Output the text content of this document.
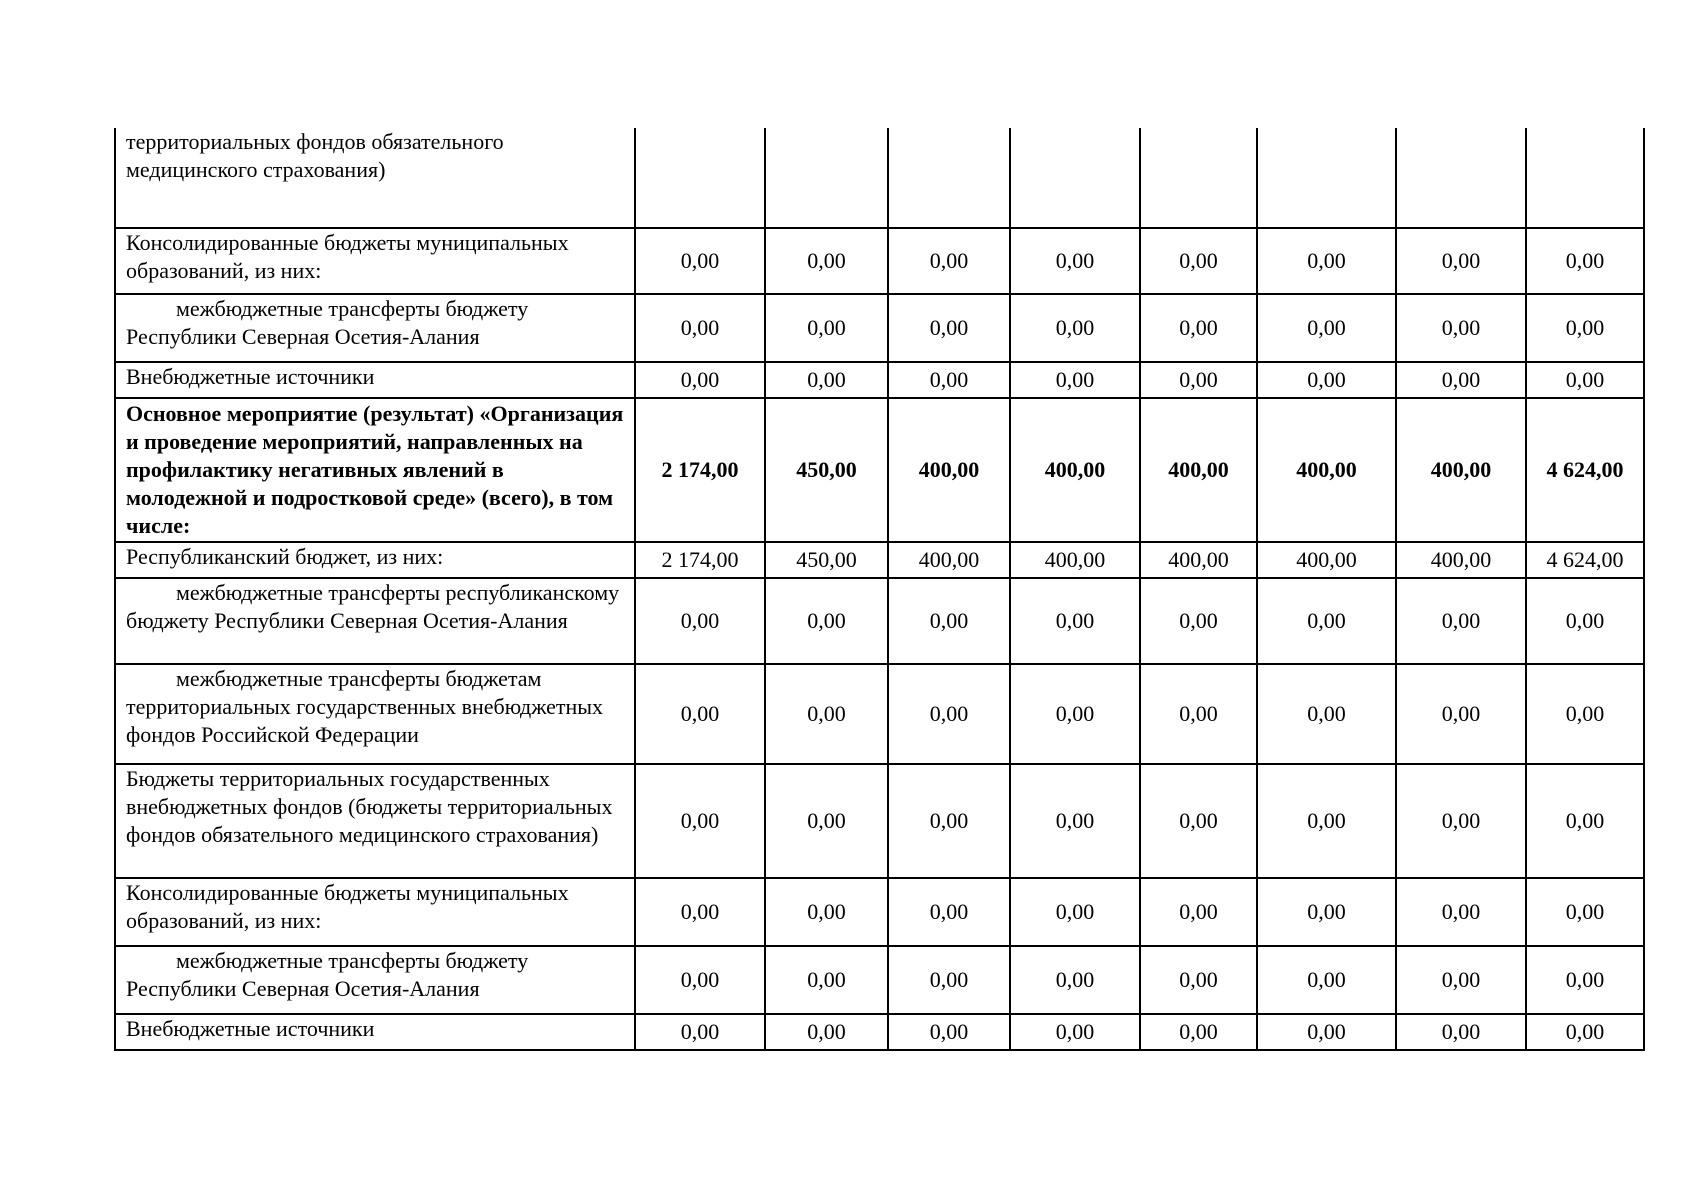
территориальных фондов обязательного медицинского страхования)								
Консолидированные бюджеты муниципальных образований, из них:	0,00	0,00	0,00	0,00	0,00	0,00	0,00	0,00
межбюджетные трансферты бюджету Республики Северная Осетия-Алания	0,00	0,00	0,00	0,00	0,00	0,00	0,00	0,00
Внебюджетные источники	0,00	0,00	0,00	0,00	0,00	0,00	0,00	0,00
Основное мероприятие (результат) «Организация и проведение мероприятий, направленных на профилактику негативных явлений в молодежной и подростковой среде» (всего), в том числе:	2 174,00	450,00	400,00	400,00	400,00	400,00	400,00	4 624,00
Республиканский бюджет, из них:	2 174,00	450,00	400,00	400,00	400,00	400,00	400,00	4 624,00
межбюджетные трансферты республиканскому бюджету Республики Северная Осетия-Алания	0,00	0,00	0,00	0,00	0,00	0,00	0,00	0,00
межбюджетные трансферты бюджетам территориальных государственных внебюджетных фондов Российской Федерации	0,00	0,00	0,00	0,00	0,00	0,00	0,00	0,00
Бюджеты территориальных государственных внебюджетных фондов (бюджеты территориальных фондов обязательного медицинского страхования)	0,00	0,00	0,00	0,00	0,00	0,00	0,00	0,00
Консолидированные бюджеты муниципальных образований, из них:	0,00	0,00	0,00	0,00	0,00	0,00	0,00	0,00
межбюджетные трансферты бюджету Республики Северная Осетия-Алания	0,00	0,00	0,00	0,00	0,00	0,00	0,00	0,00
Внебюджетные источники	0,00	0,00	0,00	0,00	0,00	0,00	0,00	0,00
